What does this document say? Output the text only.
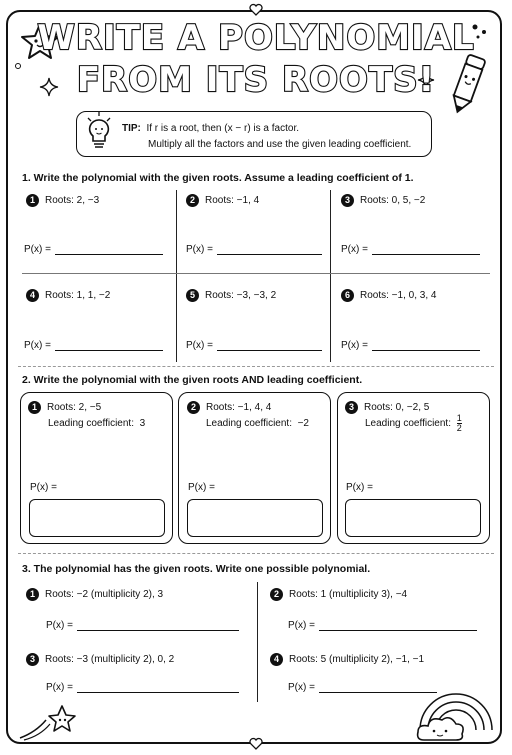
WRITE A POLYNOMIAL
FROM ITS ROOTS!
TIP: If r is a root, then (x − r) is a factor.
Multiply all the factors and use the given leading coefficient.
1. Write the polynomial with the given roots. Assume a leading coefficient of 1.
1 Roots: 2, −3	2 Roots: −1, 4	3 Roots: 0, 5, −2
P(x) =	P(x) =	P(x) =
4 Roots: 1, 1, −2	5 Roots: −3, −3, 2	6 Roots: −1, 0, 3, 4
P(x) =	P(x) =	P(x) =
2. Write the polynomial with the given roots AND leading coefficient.
1 Roots: 2, −5
Leading coefficient: 3
2 Roots: −1, 4, 4
Leading coefficient: −2
3 Roots: 0, −2, 5
Leading coefficient: $\frac{1}{2}$
P(x) =	P(x) =	P(x) =
3. The polynomial has the given roots. Write one possible polynomial.
1 Roots: −2 (multiplicity 2), 3	2 Roots: 1 (multiplicity 3), −4
P(x) =	P(x) =
3 Roots: −3 (multiplicity 2), 0, 2	4 Roots: 5 (multiplicity 2), −1, −1
P(x) =	P(x) =
